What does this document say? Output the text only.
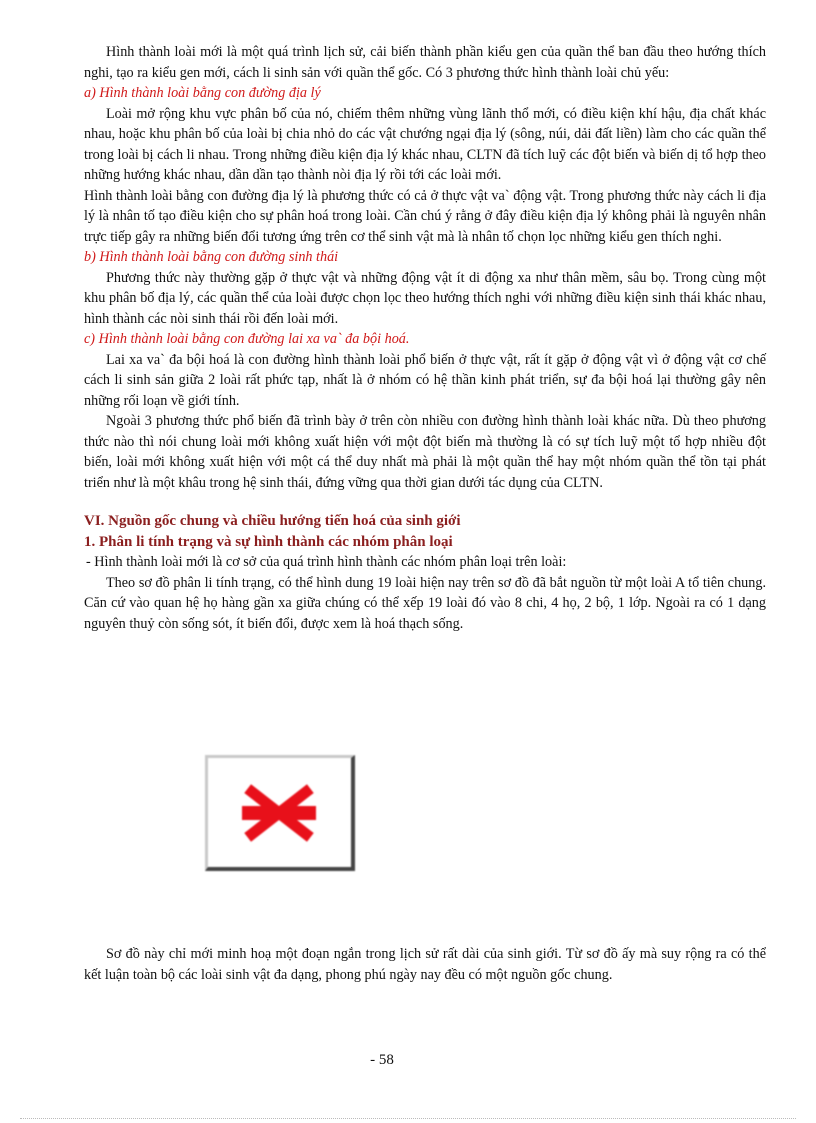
Hình thành loài mới là một quá trình lịch sử, cải biến thành phần kiểu gen của quần thể ban đầu theo hướng thích nghi, tạo ra kiểu gen mới, cách li sinh sản với quần thể gốc. Có 3 phương thức hình thành loài chủ yếu:

a) Hình thành loài bằng con đường địa lý

Loài mở rộng khu vực phân bố của nó, chiếm thêm những vùng lãnh thổ mới, có điều kiện khí hậu, địa chất khác nhau, hoặc khu phân bố của loài bị chia nhỏ do các vật chướng ngại địa lý (sông, núi, dải đất liền) làm cho các quần thể trong loài bị cách li nhau. Trong những điều kiện địa lý khác nhau, CLTN đã tích luỹ các đột biến và biến dị tổ hợp theo những hướng khác nhau, dần dần tạo thành nòi địa lý rồi tới các loài mới.

Hình thành loài bằng con đường địa lý là phương thức có cả ở thực vật va` động vật. Trong phương thức này cách li địa lý là nhân tố tạo điều kiện cho sự phân hoá trong loài. Cần chú ý rằng ở đây điều kiện địa lý không phải là nguyên nhân trực tiếp gây ra những biến đổi tương ứng trên cơ thể sinh vật mà là nhân tố chọn lọc những kiểu gen thích nghi.

b) Hình thành loài bằng con đường sinh thái

Phương thức này thường gặp ở thực vật và những động vật ít di động xa như thân mềm, sâu bọ. Trong cùng một khu phân bố địa lý, các quần thể của loài được chọn lọc theo hướng thích nghi với những điều kiện sinh thái khác nhau, hình thành các nòi sinh thái rồi đến loài mới.

c) Hình thành loài bằng con đường lai xa va` đa bội hoá.

Lai xa va` đa bội hoá là con đường hình thành loài phổ biến ở thực vật, rất ít gặp ở động vật vì ở động vật cơ chế cách li sinh sản giữa 2 loài rất phức tạp, nhất là ở nhóm có hệ thần kinh phát triển, sự đa bội hoá lại thường gây nên những rối loạn về giới tính.

Ngoài 3 phương thức phổ biến đã trình bày ở trên còn nhiều con đường hình thành loài khác nữa. Dù theo phương thức nào thì nói chung loài mới không xuất hiện với một đột biến mà thường là có sự tích luỹ một tổ hợp nhiều đột biến, loài mới không xuất hiện với một cá thể duy nhất mà phải là một quần thể hay một nhóm quần thể tồn tại phát triển như là một khâu trong hệ sinh thái, đứng vững qua thời gian dưới tác dụng của CLTN.

VI. Nguồn gốc chung và chiều hướng tiến hoá của sinh giới

1. Phân li tính trạng và sự hình thành các nhóm phân loại

- Hình thành loài mới là cơ sở của quá trình hình thành các nhóm phân loại trên loài:

Theo sơ đồ phân li tính trạng, có thể hình dung 19 loài hiện nay trên sơ đồ đã bắt nguồn từ một loài A tổ tiên chung. Căn cứ vào quan hệ họ hàng gần xa giữa chúng có thể xếp 19 loài đó vào 8 chi, 4 họ, 2 bộ, 1 lớp. Ngoài ra có 1 dạng nguyên thuỷ còn sống sót, ít biến đổi, được xem là hoá thạch sống.

Sơ đồ này chỉ mới minh hoạ một đoạn ngắn trong lịch sử rất dài của sinh giới. Từ sơ đồ ấy mà suy rộng ra có thể kết luận toàn bộ các loài sinh vật đa dạng, phong phú ngày nay đều có một nguồn gốc chung.

- 58
